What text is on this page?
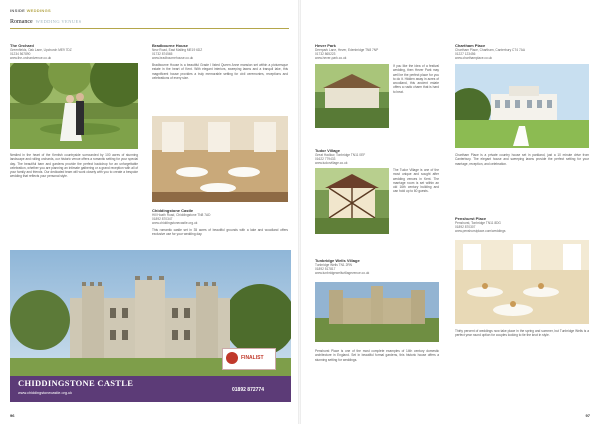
INSIDE WEDDINGS
Romance WEDDING VENUES
The Orchard
Greenfields, Oak Lane, Upchurch ME9 7DZ
01234 567890
www.the-orchardvenue.co.uk
Nestled in the heart of the Kentish countryside surrounded by 100 acres of stunning landscape and rolling orchards, our historic venue offers a romantic setting for your special day. The beautiful barn and gardens provide the perfect backdrop for an unforgettable celebration, whether you are planning an intimate gathering or a grand reception with all of your family and friends. Our dedicated team will work closely with you to create a bespoke wedding that reflects your personal style.
Bradbourne House
New Road, East Malling ME19 6DZ
01732 874565
www.bradbournehouse.co.uk
Bradbourne House is a beautiful Grade I listed Queen Anne mansion set within a picturesque estate in the heart of Kent. With elegant interiors, sweeping lawns and a tranquil lake, this magnificent house provides a truly memorable setting for civil ceremonies, receptions and celebrations of every size.
Chiddingstone Castle
Hill Hoath Road, Chiddingstone TN8 7AD
01892 870347
www.chiddingstonecastle.org.uk
This romantic castle set in 35 acres of beautiful grounds with a lake and woodland offers exclusive use for your wedding day.
CHIDDINGSTONE CASTLE
www.chiddingstonecastle.org.uk	01892 872774
FINALIST
96
Hever Park
Deerpark Lane, Hever, Edenbridge TN8 7NP
01732 865223
www.hever-park.co.uk
If you like the idea of a festival wedding, then Hever Park may well be the perfect place for you to do it. Hidden away in acres of woodland, this ancient estate offers a rustic charm that is hard to beat.
Tudor Village
Great Hadlow, Tonbridge TN11 0EF
01622 779433
www.tudorvillage.co.uk
The Tudor Village is one of the most unique and sought after wedding venues in Kent. The marriage room is set within an old 16th century building and can hold up to 60 guests.
Tunbridge Wells Village
Tunbridge Wells TN1 2RN
01892 517817
www.tunbridgewellsvillagevenue.co.uk
Penshurst Place is one of the most complete examples of 14th century domestic architecture in England. Set in beautiful formal gardens, this historic house offers a stunning setting for weddings.
Chartham Place
Chartham Place, Chartham, Canterbury CT4 7AA
01227 123456
www.charthamplace.co.uk
Chartham Place is a private country house set in parkland, just a 10 minute drive from Canterbury. The elegant house and sweeping lawns provide the perfect setting for your marriage, reception, and celebration.
Penshurst Place
Penshurst, Tonbridge TN11 8DG
01892 870307
www.penshurstplace.com/weddings
Thirty percent of weddings now take place in the spring and summer, but Tunbridge Wells is a perfect year round option for couples looking to tie the knot in style.
97
